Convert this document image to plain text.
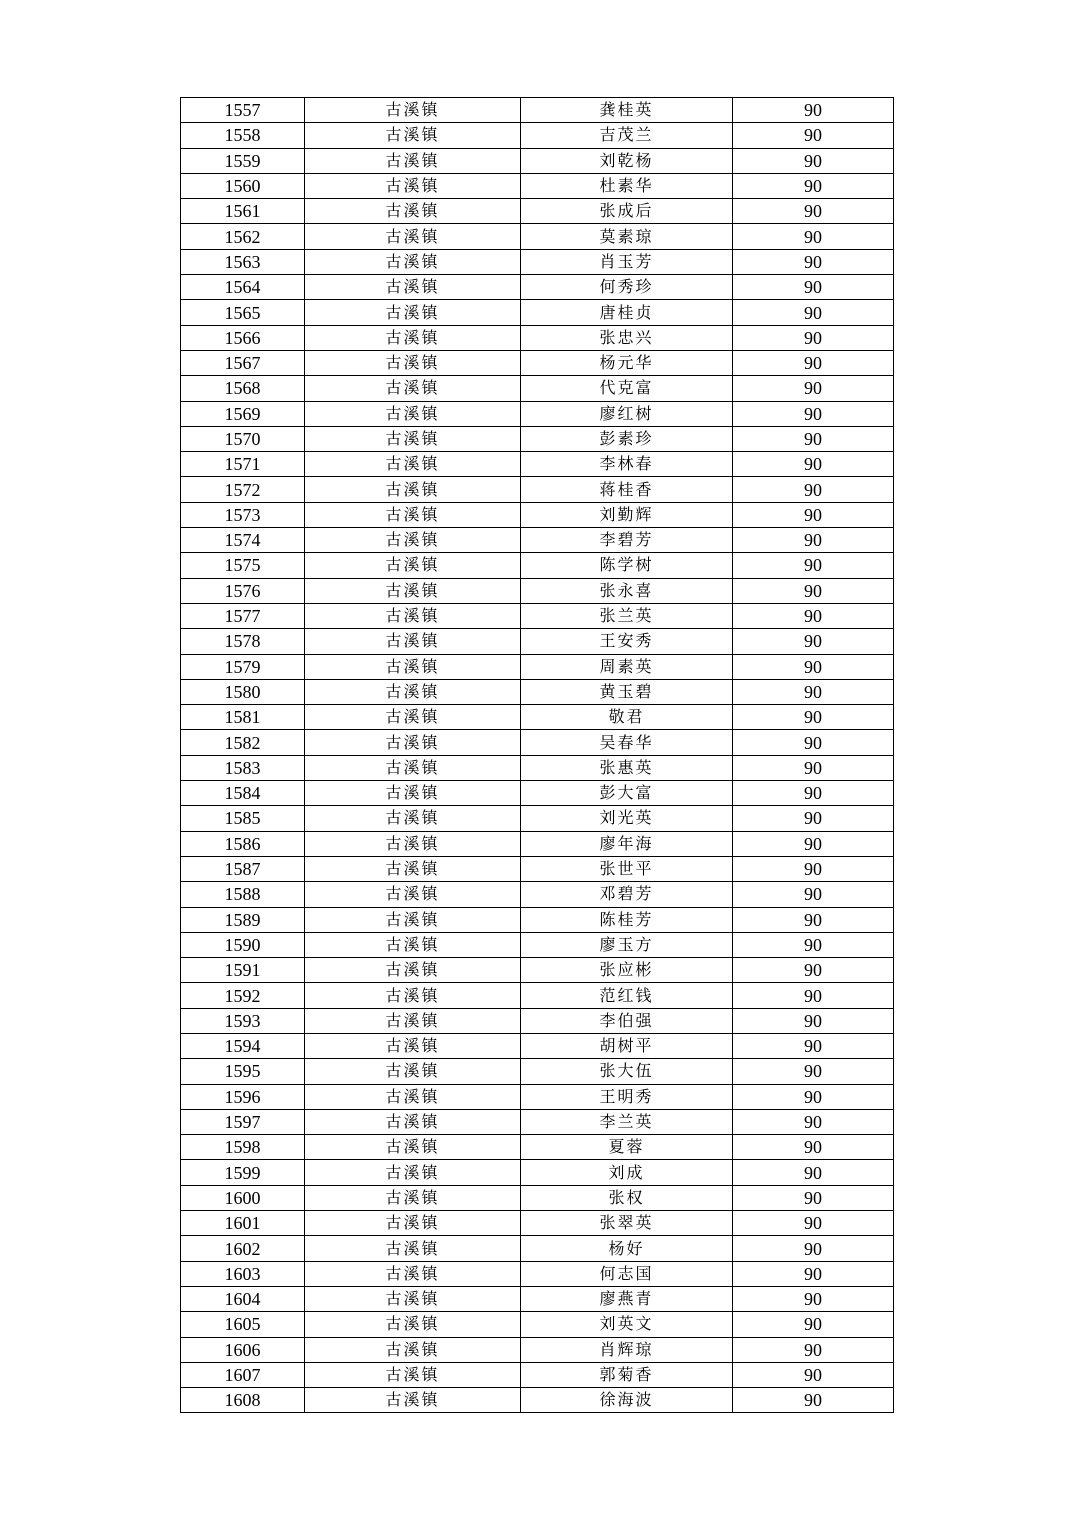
1557	古溪镇	龚桂英	90
1558	古溪镇	吉茂兰	90
1559	古溪镇	刘乾杨	90
1560	古溪镇	杜素华	90
1561	古溪镇	张成后	90
1562	古溪镇	莫素琼	90
1563	古溪镇	肖玉芳	90
1564	古溪镇	何秀珍	90
1565	古溪镇	唐桂贞	90
1566	古溪镇	张忠兴	90
1567	古溪镇	杨元华	90
1568	古溪镇	代克富	90
1569	古溪镇	廖红树	90
1570	古溪镇	彭素珍	90
1571	古溪镇	李林春	90
1572	古溪镇	蒋桂香	90
1573	古溪镇	刘勤辉	90
1574	古溪镇	李碧芳	90
1575	古溪镇	陈学树	90
1576	古溪镇	张永喜	90
1577	古溪镇	张兰英	90
1578	古溪镇	王安秀	90
1579	古溪镇	周素英	90
1580	古溪镇	黄玉碧	90
1581	古溪镇	敬君	90
1582	古溪镇	吴春华	90
1583	古溪镇	张惠英	90
1584	古溪镇	彭大富	90
1585	古溪镇	刘光英	90
1586	古溪镇	廖年海	90
1587	古溪镇	张世平	90
1588	古溪镇	邓碧芳	90
1589	古溪镇	陈桂芳	90
1590	古溪镇	廖玉方	90
1591	古溪镇	张应彬	90
1592	古溪镇	范红钱	90
1593	古溪镇	李伯强	90
1594	古溪镇	胡树平	90
1595	古溪镇	张大伍	90
1596	古溪镇	王明秀	90
1597	古溪镇	李兰英	90
1598	古溪镇	夏蓉	90
1599	古溪镇	刘成	90
1600	古溪镇	张权	90
1601	古溪镇	张翠英	90
1602	古溪镇	杨好	90
1603	古溪镇	何志国	90
1604	古溪镇	廖燕青	90
1605	古溪镇	刘英文	90
1606	古溪镇	肖辉琼	90
1607	古溪镇	郭菊香	90
1608	古溪镇	徐海波	90
